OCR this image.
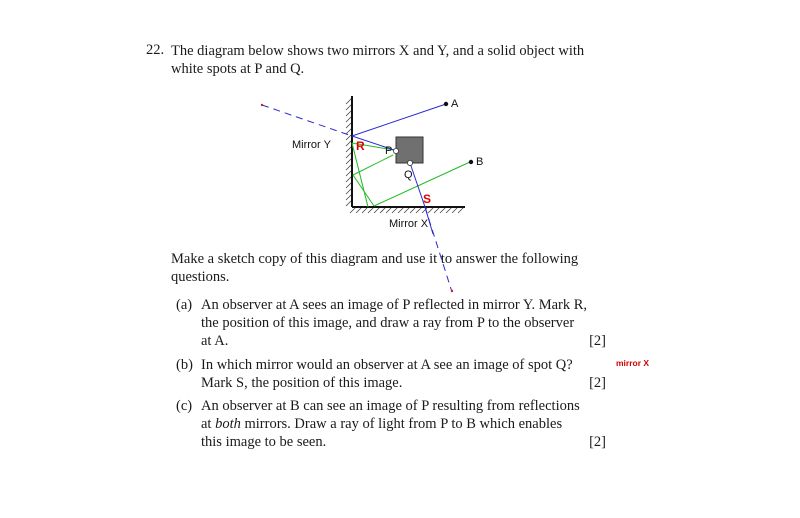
22. The diagram below shows two mirrors X and Y, and a solid object with
white spots at P and Q.
A
B
P
Q
Mirror Y
Mirror X
R
S
Make a sketch copy of this diagram and use it to answer the following
questions.
(a) An observer at A sees an image of P reflected in mirror Y. Mark R,
the position of this image, and draw a ray from P to the observer
at A.	[2]
(b) In which mirror would an observer at A see an image of spot Q?
Mark S, the position of this image.	[2]
mirror X
(c) An observer at B can see an image of P resulting from reflections
at both mirrors. Draw a ray of light from P to B which enables
this image to be seen.	[2]
